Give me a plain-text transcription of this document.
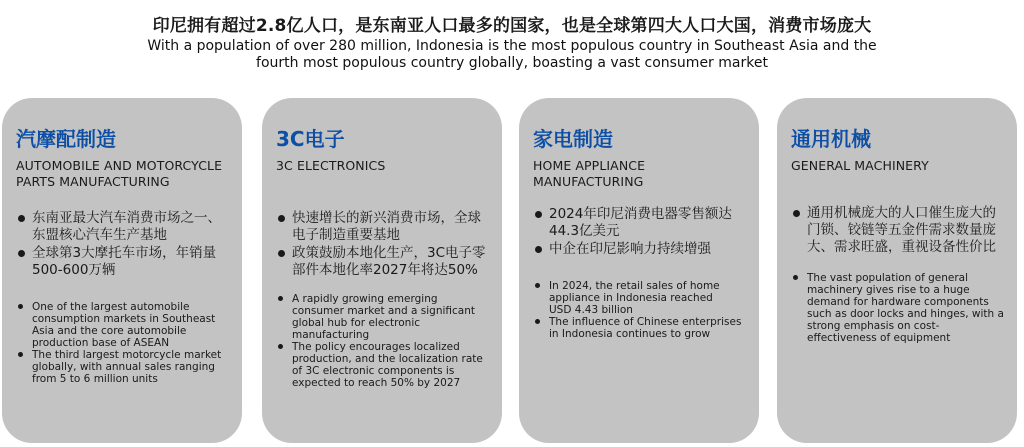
印尼拥有超过2.8亿人口，是东南亚人口最多的国家，也是全球第四大人口大国，消费市场庞大
With a population of over 280 million, Indonesia is the most populous country in Southeast Asia and the
fourth most populous country globally, boasting a vast consumer market
汽摩配制造
AUTOMOBILE AND MOTORCYCLE PARTS MANUFACTURING
东南亚最大汽车消费市场之一、东盟核心汽车生产基地
全球第3大摩托车市场，年销量500-600万辆
One of the largest automobile consumption markets in Southeast Asia and the core automobile production base of ASEAN
The third largest motorcycle market globally, with annual sales ranging from 5 to 6 million units
3C电子
3C ELECTRONICS
快速增长的新兴消费市场，全球电子制造重要基地
政策鼓励本地化生产，3C电子零部件本地化率2027年将达50%
A rapidly growing emerging consumer market and a significant global hub for electronic manufacturing
The policy encourages localized production, and the localization rate of 3C electronic components is expected to reach 50% by 2027
家电制造
HOME APPLIANCE MANUFACTURING
2024年印尼消费电器零售额达44.3亿美元
中企在印尼影响力持续增强
In 2024, the retail sales of home appliance in Indonesia reached USD 4.43 billion
The influence of Chinese enterprises in Indonesia continues to grow
通用机械
GENERAL MACHINERY
通用机械庞大的人口催生庞大的门锁、铰链等五金件需求数量庞大、需求旺盛，重视设备性价比
The vast population of general machinery gives rise to a huge demand for hardware components such as door locks and hinges, with a strong emphasis on cost-effectiveness of equipment
